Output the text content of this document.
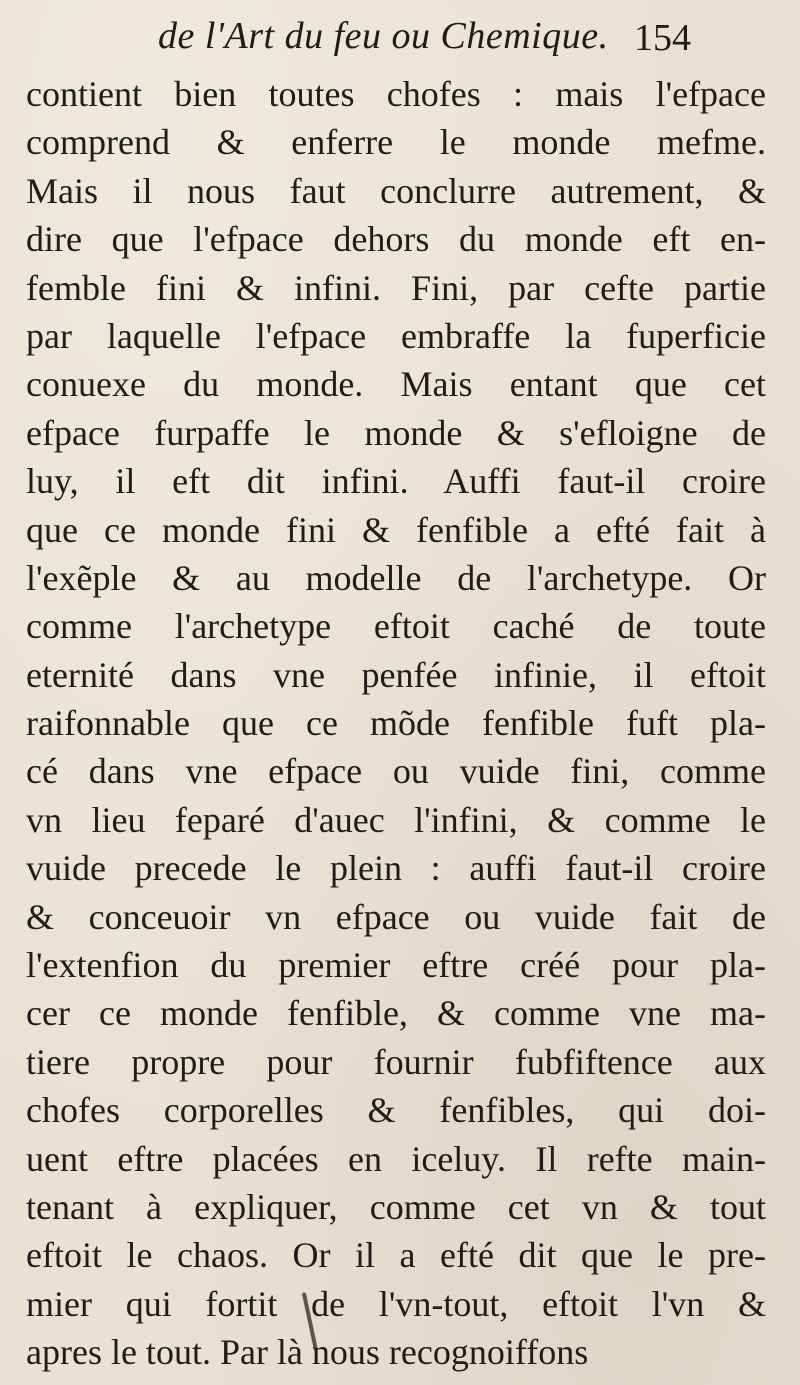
de l'Art du feu ou Chemique. 154
contient bien toutes chofes : mais l'efpace
comprend & enferre le monde mefme.
Mais il nous faut conclurre autrement, &
dire que l'efpace dehors du monde eft en-
femble fini & infini. Fini, par cefte partie
par laquelle l'efpace embraffe la fuperficie
conuexe du monde. Mais entant que cet
efpace furpaffe le monde & s'efloigne de
luy, il eft dit infini. Auffi faut-il croire
que ce monde fini & fenfible a efté fait à
l'exẽple & au modelle de l'archetype. Or
comme l'archetype eftoit caché de toute
eternité dans vne penfée infinie, il eftoit
raifonnable que ce mõde fenfible fuft pla-
cé dans vne efpace ou vuide fini, comme
vn lieu feparé d'auec l'infini, & comme le
vuide precede le plein : auffi faut-il croire
& conceuoir vn efpace ou vuide fait de
l'extenfion du premier eftre créé pour pla-
cer ce monde fenfible, & comme vne ma-
tiere propre pour fournir fubfiftence aux
chofes corporelles & fenfibles, qui doi-
uent eftre placées en iceluy. Il refte main-
tenant à expliquer, comme cet vn & tout
eftoit le chaos. Or il a efté dit que le pre-
mier qui fortit de l'vn-tout, eftoit l'vn &
apres le tout. Par là nous recognoiffons
